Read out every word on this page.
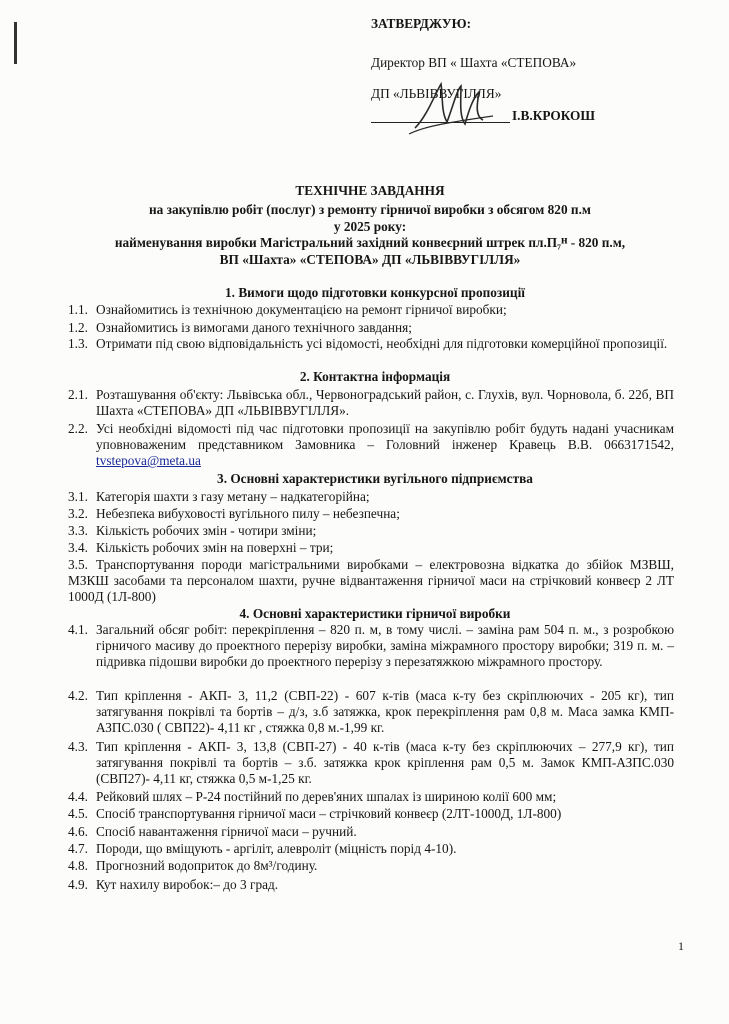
ЗАТВЕРДЖУЮ:
Директор ВП « Шахта «СТЕПОВА»
ДП «ЛЬВІВВУГІЛЛЯ»
І.В.КРОКОШ
ТЕХНІЧНЕ ЗАВДАННЯ
на закупівлю робіт (послуг) з ремонту гірничої виробки з обсягом 820 п.м
у 2025 року:
найменування виробки Магістральний західний конвеєрний штрек пл.П₇ᴴ - 820 п.м,
ВП «Шахта» «СТЕПОВА» ДП «ЛЬВІВВУГІЛЛЯ»
1. Вимоги щодо підготовки конкурсної пропозиції
1.1. Ознайомитись із технічною документацією на ремонт гірничої виробки;
1.2. Ознайомитись із вимогами даного технічного завдання;
1.3. Отримати під свою відповідальність усі відомості, необхідні для підготовки комерційної пропозиції.
2. Контактна інформація
2.1. Розташування об'єкту: Львівська обл., Червоноградський район, с. Глухів, вул. Чорновола, б. 22б, ВП Шахта «СТЕПОВА» ДП «ЛЬВІВВУГІЛЛЯ».
2.2. Усі необхідні відомості під час підготовки пропозиції на закупівлю робіт будуть надані учасникам уповноваженим представником Замовника – Головний інженер Кравець В.В. 0663171542, tvstepova@meta.ua
3. Основні характеристики вугільного підприємства
3.1. Категорія шахти з газу метану – надкатегорійна;
3.2. Небезпека вибуховості вугільного пилу – небезпечна;
3.3. Кількість робочих змін - чотири зміни;
3.4. Кількість робочих змін на поверхні – три;
3.5. Транспортування породи магістральними виробками – електровозна відкатка до збійок МЗВШ, МЗКШ засобами та персоналом шахти, ручне відвантаження гірничої маси на стрічковий конвеєр 2 ЛТ 1000Д (1Л-800)
4. Основні характеристики гірничої виробки
4.1. Загальний обсяг робіт: перекріплення – 820 п. м, в тому числі. – заміна рам 504 п. м., з розробкою гірничого масиву до проектного перерізу виробки, заміна міжрамного простору виробки; 319 п. м. – підривка підошви виробки до проектного перерізу з перезатяжкою міжрамного простору.
4.2. Тип кріплення - АКП- 3, 11,2 (СВП-22) - 607 к-тів (маса к-ту без скріплюючих - 205 кг), тип затягування покрівлі та бортів – д/з, з.б затяжка, крок перекріплення рам 0,8 м. Маса замка КМП-АЗПС.030 ( СВП22)- 4,11 кг , стяжка 0,8 м.-1,99 кг.
4.3. Тип кріплення - АКП- 3, 13,8 (СВП-27) - 40 к-тів (маса к-ту без скріплюючих – 277,9 кг), тип затягування покрівлі та бортів – з.б. затяжка крок кріплення рам 0,5 м. Замок КМП-АЗПС.030 (СВП27)- 4,11 кг, стяжка 0,5 м-1,25 кг.
4.4. Рейковий шлях – Р-24 постійний по дерев'яних шпалах із шириною колії 600 мм;
4.5. Спосіб транспортування гірничої маси – стрічковий конвеєр (2ЛТ-1000Д, 1Л-800)
4.6. Спосіб навантаження гірничої маси – ручний.
4.7. Породи, що вміщують - аргіліт, алевроліт (міцність порід 4-10).
4.8. Прогнозний водоприток до 8м³/годину.
4.9. Кут нахилу виробок:– до 3 град.
1
